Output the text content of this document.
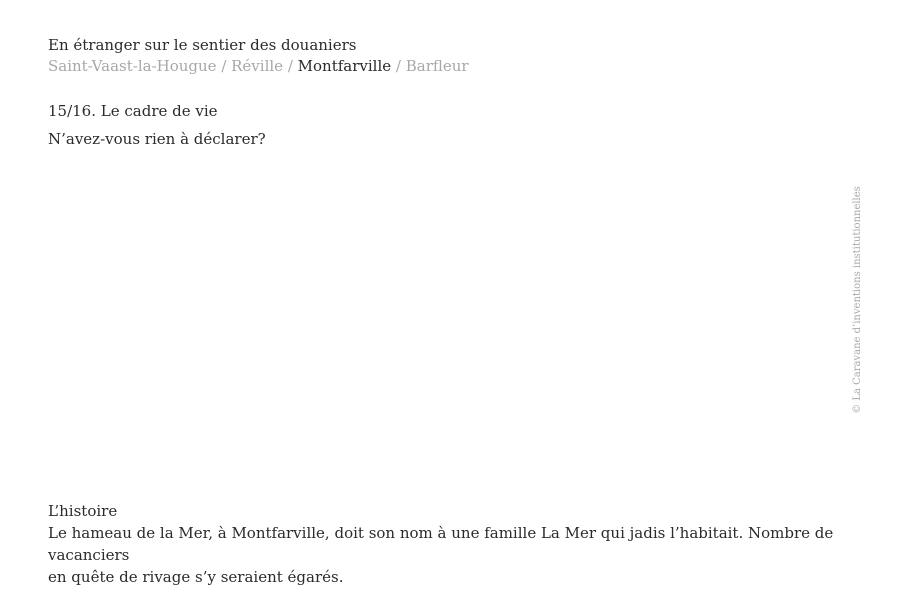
En étranger sur le sentier des douaniers
Saint-Vaast-la-Hougue / Réville / Montfarville / Barfleur
15/16. Le cadre de vie
N’avez-vous rien à déclarer?
© La Caravane d’inventions institutionnelles
L’histoire
Le hameau de la Mer, à Montfarville, doit son nom à une famille La Mer qui jadis l’habitait. Nombre de vacanciers
en quête de rivage s’y seraient égarés.
